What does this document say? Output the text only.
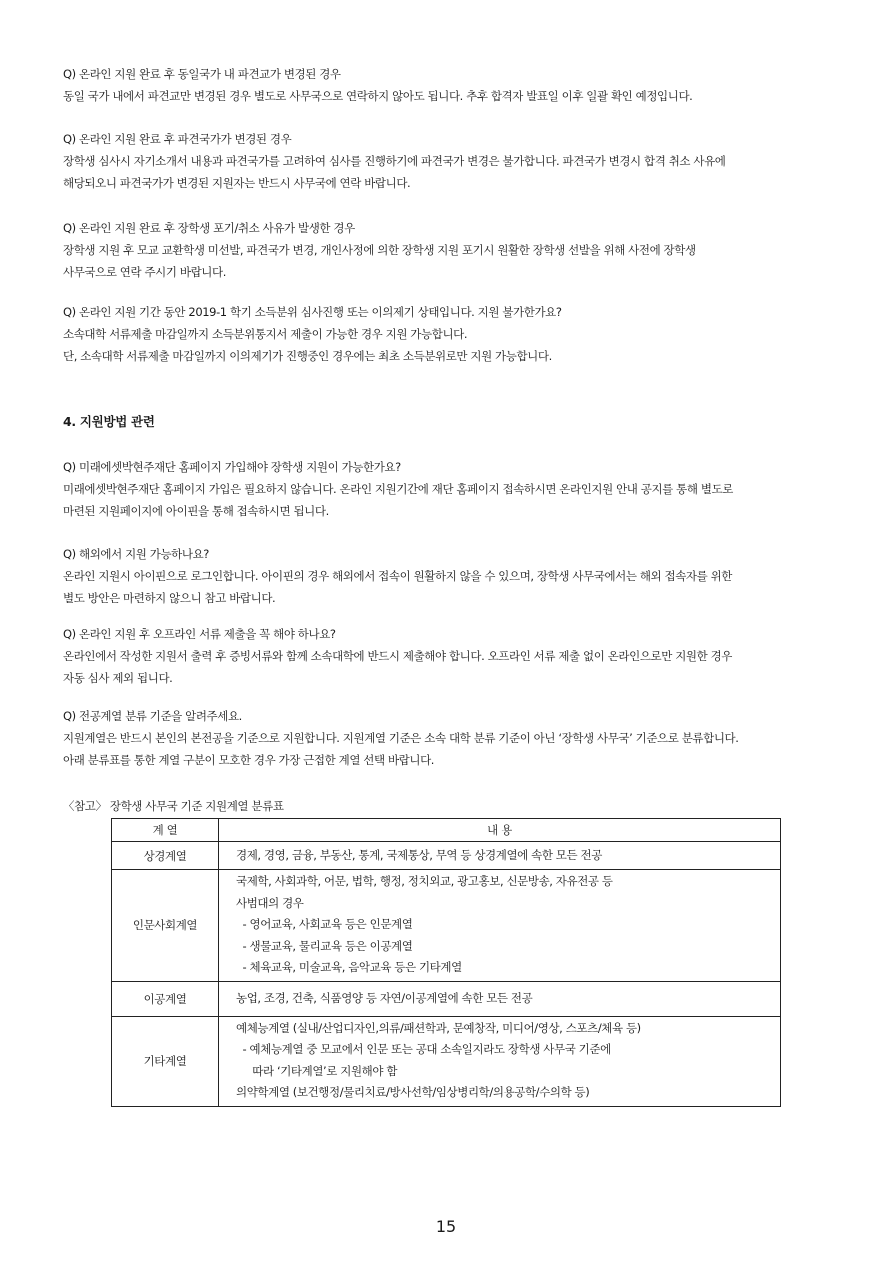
Q) 온라인 지원 완료 후 동일국가 내 파견교가 변경된 경우

동일 국가 내에서 파견교만 변경된 경우 별도로 사무국으로 연락하지 않아도 됩니다. 추후 합격자 발표일 이후 일괄 확인 예정입니다.

Q) 온라인 지원 완료 후 파견국가가 변경된 경우

장학생 심사시 자기소개서 내용과 파견국가를 고려하여 심사를 진행하기에 파견국가 변경은 불가합니다. 파견국가 변경시 합격 취소 사유에

해당되오니 파견국가가 변경된 지원자는 반드시 사무국에 연락 바랍니다.

Q) 온라인 지원 완료 후 장학생 포기/취소 사유가 발생한 경우

장학생 지원 후 모교 교환학생 미선발, 파견국가 변경, 개인사정에 의한 장학생 지원 포기시 원활한 장학생 선발을 위해 사전에 장학생

사무국으로 연락 주시기 바랍니다.

Q) 온라인 지원 기간 동안 2019-1 학기 소득분위 심사진행 또는 이의제기 상태입니다. 지원 불가한가요?

소속대학 서류제출 마감일까지 소득분위통지서 제출이 가능한 경우 지원 가능합니다.

단, 소속대학 서류제출 마감일까지 이의제기가 진행중인 경우에는 최초 소득분위로만 지원 가능합니다.

4. 지원방법 관련

Q) 미래에셋박현주재단 홈페이지 가입해야 장학생 지원이 가능한가요?

미래에셋박현주재단 홈페이지 가입은 필요하지 않습니다. 온라인 지원기간에 재단 홈페이지 접속하시면 온라인지원 안내 공지를 통해 별도로

마련된 지원페이지에 아이핀을 통해 접속하시면 됩니다.

Q) 해외에서 지원 가능하나요?

온라인 지원시 아이핀으로 로그인합니다. 아이핀의 경우 해외에서 접속이 원활하지 않을 수 있으며, 장학생 사무국에서는 해외 접속자를 위한

별도 방안은 마련하지 않으니 참고 바랍니다.

Q) 온라인 지원 후 오프라인 서류 제출을 꼭 해야 하나요?

온라인에서 작성한 지원서 출력 후 증빙서류와 함께 소속대학에 반드시 제출해야 합니다. 오프라인 서류 제출 없이 온라인으로만 지원한 경우

자동 심사 제외 됩니다.

Q) 전공계열 분류 기준을 알려주세요.

지원계열은 반드시 본인의 본전공을 기준으로 지원합니다. 지원계열 기준은 소속 대학 분류 기준이 아닌 ‘장학생 사무국’ 기준으로 분류합니다.

아래 분류표를 통한 계열 구분이 모호한 경우 가장 근접한 계열 선택 바랍니다.

〈참고〉 장학생 사무국 기준 지원계열 분류표
계 열	내 용
상경계열	경제, 경영, 금융, 부동산, 통계, 국제통상, 무역 등 상경계열에 속한 모든 전공

인문사회계열	국제학, 사회과학, 어문, 법학, 행정, 정치외교, 광고홍보, 신문방송, 자유전공 등
사범대의 경우
- 영어교육, 사회교육 등은 인문계열
- 생물교육, 물리교육 등은 이공계열
- 체육교육, 미술교육, 음악교육 등은 기타계열

이공계열	농업, 조경, 건축, 식품영양 등 자연/이공계열에 속한 모든 전공

기타계열	예체능계열 (실내/산업디자인,의류/패션학과, 문예창작, 미디어/영상, 스포츠/체육 등)
- 예체능계열 중 모교에서 인문 또는 공대 소속일지라도 장학생 사무국 기준에
따라 ‘기타계열’로 지원해야 함
의약학계열 (보건행정/물리치료/방사선학/임상병리학/의용공학/수의학 등)
15
